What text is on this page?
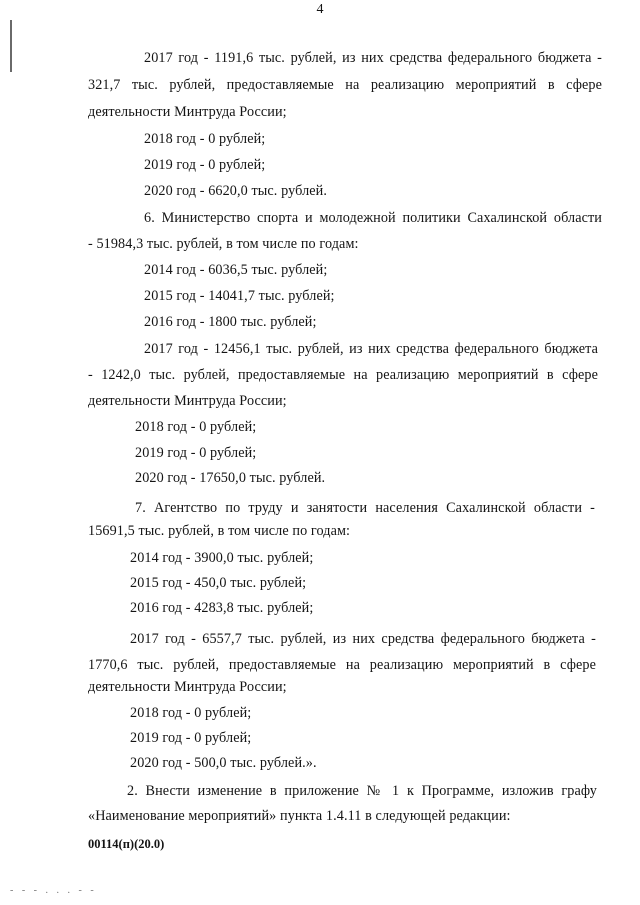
4
2017 год - 1191,6 тыс. рублей, из них средства федерального бюджета -
321,7 тыс. рублей, предоставляемые на реализацию мероприятий в сфере
деятельности Минтруда России;
2018 год - 0 рублей;
2019 год - 0 рублей;
2020 год - 6620,0 тыс. рублей.
6. Министерство спорта и молодежной политики Сахалинской области
- 51984,3 тыс. рублей, в том числе по годам:
2014 год - 6036,5 тыс. рублей;
2015 год - 14041,7 тыс. рублей;
2016 год - 1800 тыс. рублей;
2017 год - 12456,1 тыс. рублей, из них средства федерального бюджета
- 1242,0 тыс. рублей, предоставляемые на реализацию мероприятий в сфере
деятельности Минтруда России;
2018 год - 0 рублей;
2019 год - 0 рублей;
2020 год - 17650,0 тыс. рублей.
7. Агентство по труду и занятости населения Сахалинской области -
15691,5 тыс. рублей, в том числе по годам:
2014 год - 3900,0 тыс. рублей;
2015 год - 450,0 тыс. рублей;
2016 год - 4283,8 тыс. рублей;
2017 год - 6557,7 тыс. рублей, из них средства федерального бюджета -
1770,6 тыс. рублей, предоставляемые на реализацию мероприятий в сфере
деятельности Минтруда России;
2018 год - 0 рублей;
2019 год - 0 рублей;
2020 год - 500,0 тыс. рублей.».
2. Внести изменение в приложение № 1 к Программе, изложив графу
«Наименование мероприятий» пункта 1.4.11 в следующей редакции:
00114(п)(20.0)
- - - . . . - -
